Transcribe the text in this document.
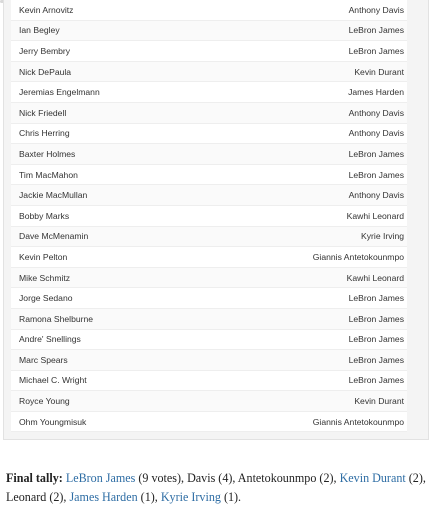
Kevin Arnovitz	Anthony Davis
Ian Begley	LeBron James
Jerry Bembry	LeBron James
Nick DePaula	Kevin Durant
Jeremias Engelmann	James Harden
Nick Friedell	Anthony Davis
Chris Herring	Anthony Davis
Baxter Holmes	LeBron James
Tim MacMahon	LeBron James
Jackie MacMullan	Anthony Davis
Bobby Marks	Kawhi Leonard
Dave McMenamin	Kyrie Irving
Kevin Pelton	Giannis Antetokounmpo
Mike Schmitz	Kawhi Leonard
Jorge Sedano	LeBron James
Ramona Shelburne	LeBron James
Andre' Snellings	LeBron James
Marc Spears	LeBron James
Michael C. Wright	LeBron James
Royce Young	Kevin Durant
Ohm Youngmisuk	Giannis Antetokounmpo

Final tally: LeBron James (9 votes), Davis (4), Antetokounmpo (2), Kevin Durant (2), Leonard (2), James Harden (1), Kyrie Irving (1).
